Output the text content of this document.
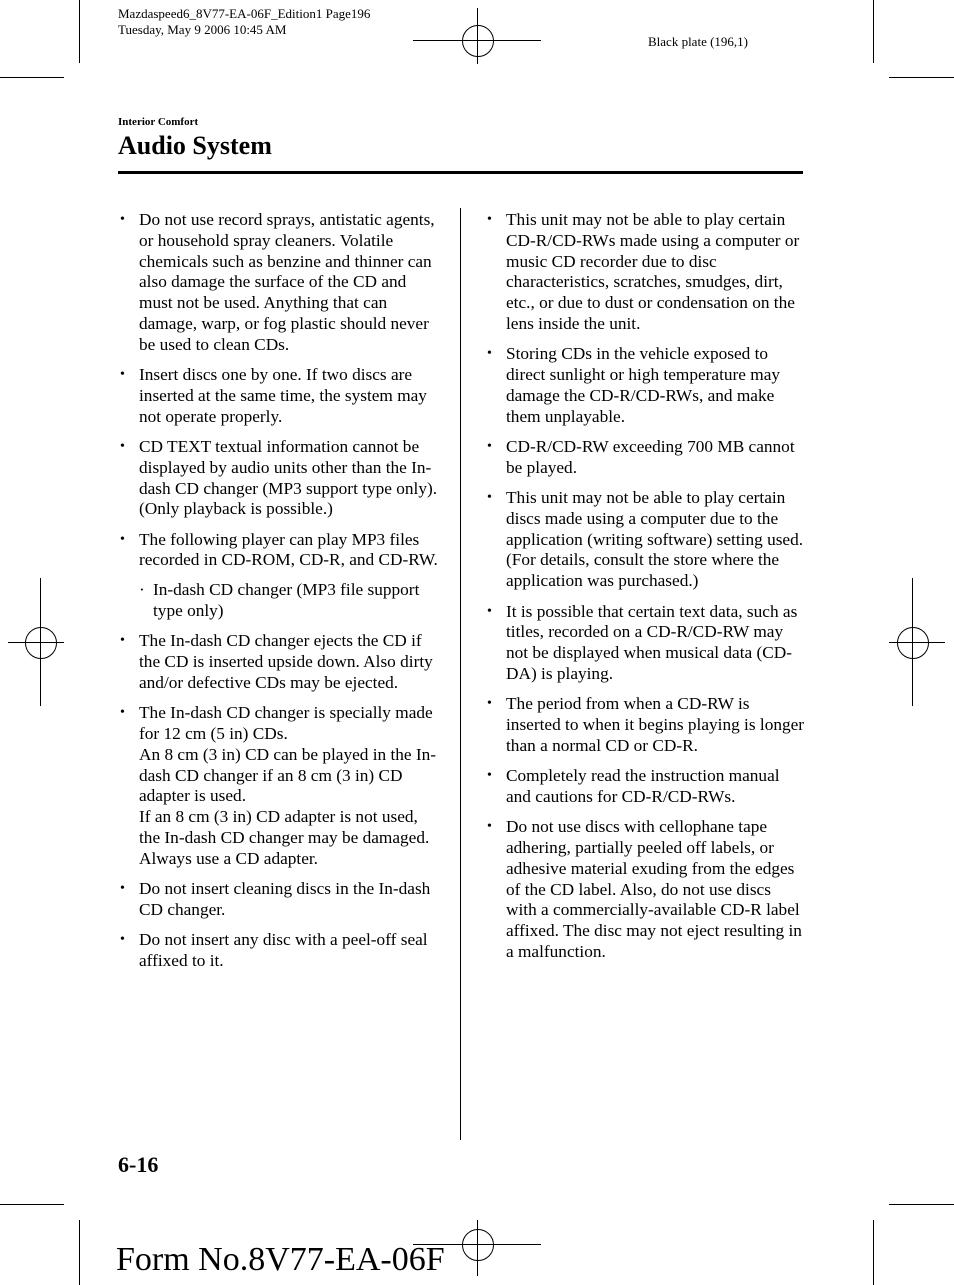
Mazdaspeed6_8V77-EA-06F_Edition1 Page196
Tuesday, May 9 2006 10:45 AM
Black plate (196,1)
Interior Comfort
Audio System
• Do not use record sprays, antistatic agents, or household spray cleaners. Volatile chemicals such as benzine and thinner can also damage the surface of the CD and must not be used. Anything that can damage, warp, or fog plastic should never be used to clean CDs.
• Insert discs one by one. If two discs are inserted at the same time, the system may not operate properly.
• CD TEXT textual information cannot be displayed by audio units other than the In-dash CD changer (MP3 support type only). (Only playback is possible.)
• The following player can play MP3 files recorded in CD-ROM, CD-R, and CD-RW.
· In-dash CD changer (MP3 file support type only)
• The In-dash CD changer ejects the CD if the CD is inserted upside down. Also dirty and/or defective CDs may be ejected.
• The In-dash CD changer is specially made for 12 cm (5 in) CDs.
An 8 cm (3 in) CD can be played in the In-dash CD changer if an 8 cm (3 in) CD adapter is used.
If an 8 cm (3 in) CD adapter is not used, the In-dash CD changer may be damaged. Always use a CD adapter.
• Do not insert cleaning discs in the In-dash CD changer.
• Do not insert any disc with a peel-off seal affixed to it.
• This unit may not be able to play certain CD-R/CD-RWs made using a computer or music CD recorder due to disc characteristics, scratches, smudges, dirt, etc., or due to dust or condensation on the lens inside the unit.
• Storing CDs in the vehicle exposed to direct sunlight or high temperature may damage the CD-R/CD-RWs, and make them unplayable.
• CD-R/CD-RW exceeding 700 MB cannot be played.
• This unit may not be able to play certain discs made using a computer due to the application (writing software) setting used. (For details, consult the store where the application was purchased.)
• It is possible that certain text data, such as titles, recorded on a CD-R/CD-RW may not be displayed when musical data (CD-DA) is playing.
• The period from when a CD-RW is inserted to when it begins playing is longer than a normal CD or CD-R.
• Completely read the instruction manual and cautions for CD-R/CD-RWs.
• Do not use discs with cellophane tape adhering, partially peeled off labels, or adhesive material exuding from the edges of the CD label. Also, do not use discs with a commercially-available CD-R label affixed. The disc may not eject resulting in a malfunction.
6-16
Form No.8V77-EA-06F
